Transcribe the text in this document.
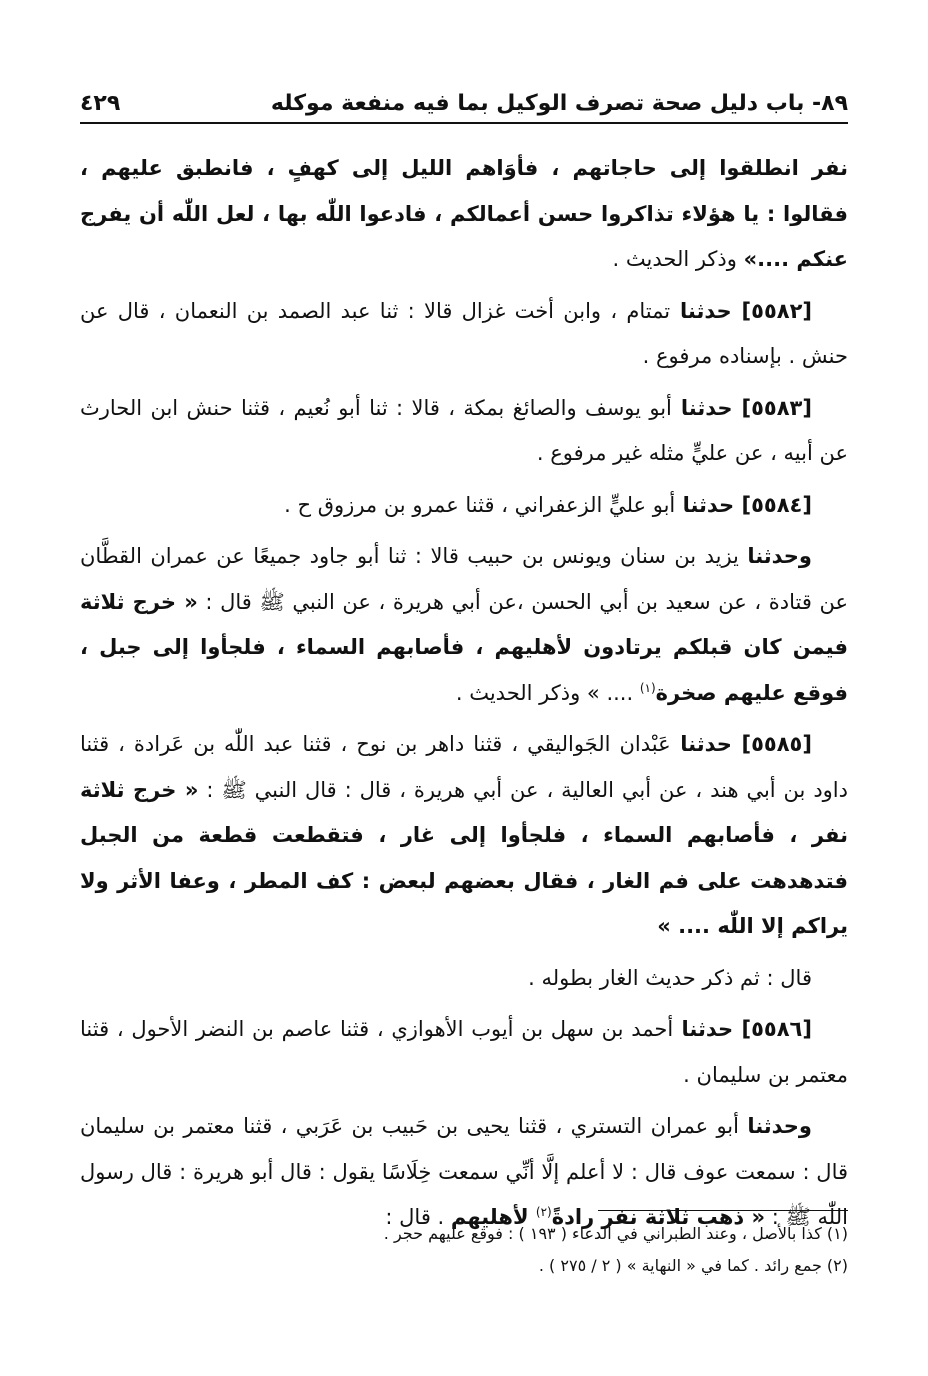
٨٩- باب دليل صحة تصرف الوكيل بما فيه منفعة موكله
٤٢٩

نفر انطلقوا إلى حاجاتهم ، فأوَاهم الليل إلى كهفٍ ، فانطبق عليهم ، فقالوا : يا هؤلاء تذاكروا حسن أعمالكم ، فادعوا اللّٰه بها ، لعل اللّٰه أن يفرج عنكم ....» وذكر الحديث .

[٥٥٨٢] حدثنا تمتام ، وابن أخت غزال قالا : ثنا عبد الصمد بن النعمان ، قال عن حنش . بإسناده مرفوع .

[٥٥٨٣] حدثنا أبو يوسف والصائغ بمكة ، قالا : ثنا أبو نُعيم ، قثنا حنش ابن الحارث عن أبيه ، عن عليٍّ مثله غير مرفوع .

[٥٥٨٤] حدثنا أبو عليٍّ الزعفراني ، قثنا عمرو بن مرزوق ح .

وحدثنا يزيد بن سنان ويونس بن حبيب قالا : ثنا أبو جاود جميعًا عن عمران القطَّان عن قتادة ، عن سعيد بن أبي الحسن ،عن أبي هريرة ، عن النبي ﷺ قال : « خرج ثلاثة فيمن كان قبلكم يرتادون لأهليهم ، فأصابهم السماء ، فلجأوا إلى جبل ، فوقع عليهم صخرة$^{(١)}$ .... » وذكر الحديث .

[٥٥٨٥] حدثنا عَبْدان الجَواليقي ، قثنا داهر بن نوح ، قثنا عبد اللّٰه بن عَرادة ، قثنا داود بن أبي هند ، عن أبي العالية ، عن أبي هريرة ، قال : قال النبي ﷺ : « خرج ثلاثة نفر ، فأصابهم السماء ، فلجأوا إلى غار ، فتقطعت قطعة من الجبل فتدهدهت على فم الغار ، فقال بعضهم لبعض : كف المطر ، وعفا الأثر ولا يراكم إلا اللّٰه .... »

قال : ثم ذكر حديث الغار بطوله .

[٥٥٨٦] حدثنا أحمد بن سهل بن أيوب الأهوازي ، قثنا عاصم بن النضر الأحول ، قثنا معتمر بن سليمان .

وحدثنا أبو عمران التستري ، قثنا يحيى بن حَبيب بن عَرَبي ، قثنا معتمر بن سليمان قال : سمعت عوف قال : لا أعلم إلَّا أنِّي سمعت خِلَاسًا يقول : قال أبو هريرة : قال رسول اللّٰه ﷺ : « ذهب ثلاثة نفر رادةً$^{(٢)}$ لأهليهم . قال :

(١) كذا بالأصل ، وعند الطبراني في الدعاء ( ١٩٣ ) : فوقع عليهم حجر .

(٢) جمع رائد . كما في « النهاية » ( ٢ / ٢٧٥ ) .
